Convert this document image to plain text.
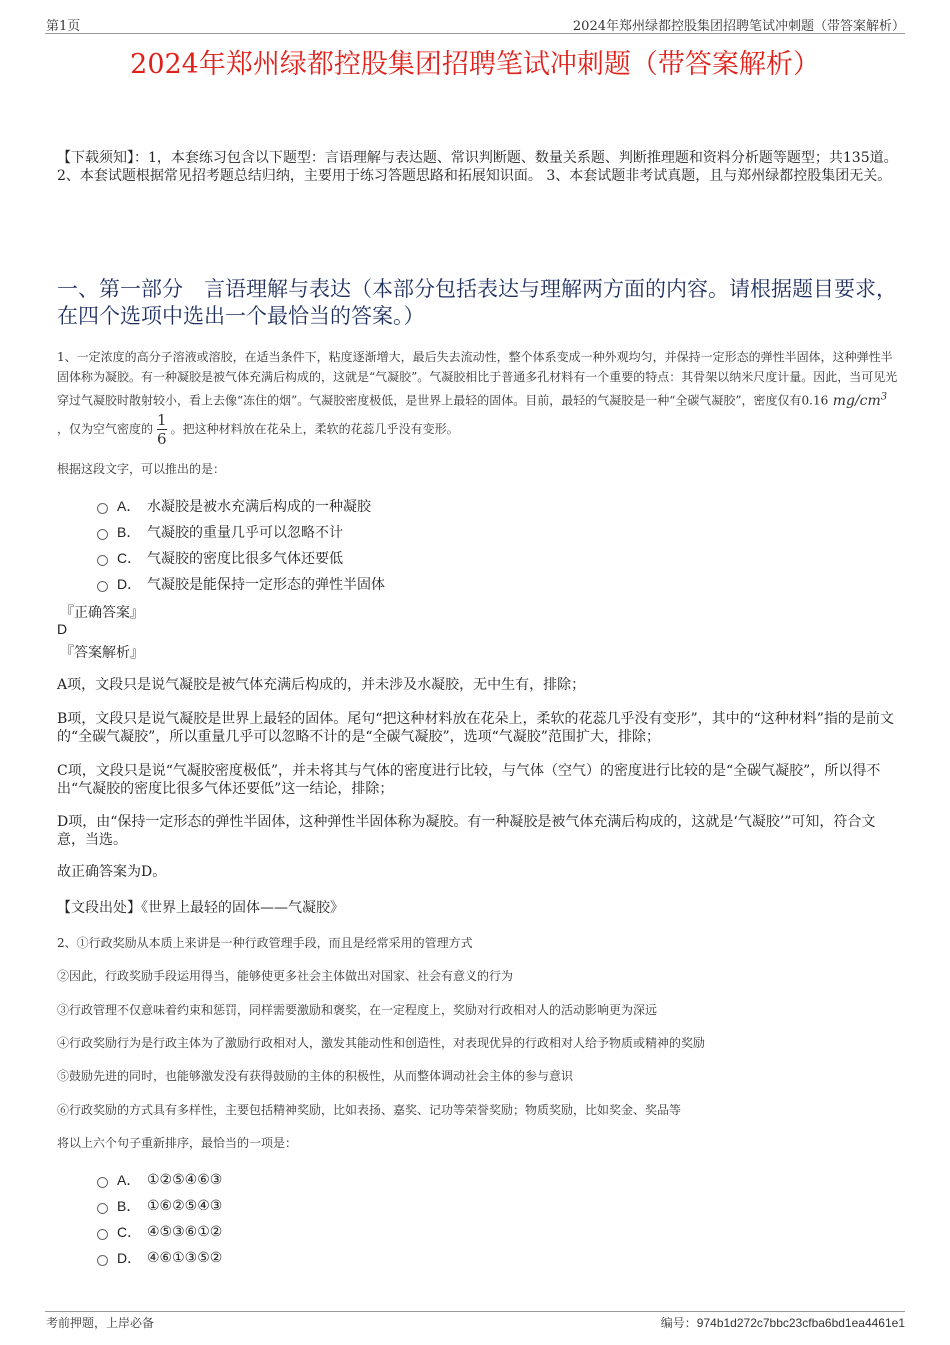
第1页	2024年郑州绿都控股集团招聘笔试冲刺题（带答案解析）
2024年郑州绿都控股集团招聘笔试冲刺题（带答案解析）
【下载须知】：1，本套练习包含以下题型：言语理解与表达题、常识判断题、数量关系题、判断推理题和资料分析题等题型；共135道。 2、本套试题根据常见招考题总结归纳，主要用于练习答题思路和拓展知识面。 3、本套试题非考试真题，且与郑州绿都控股集团无关。
一、第一部分　言语理解与表达（本部分包括表达与理解两方面的内容。请根据题目要求，在四个选项中选出一个最恰当的答案。）
1、一定浓度的高分子溶液或溶胶，在适当条件下，粘度逐渐增大，最后失去流动性，整个体系变成一种外观均匀，并保持一定形态的弹性半固体，这种弹性半固体称为凝胶。有一种凝胶是被气体充满后构成的，这就是“气凝胶”。气凝胶相比于普通多孔材料有一个重要的特点：其骨架以纳米尺度计量。因此，当可见光穿过气凝胶时散射较小，看上去像“冻住的烟”。气凝胶密度极低，是世界上最轻的固体。目前，最轻的气凝胶是一种“全碳气凝胶”，密度仅有0.16 $mg/cm^3$ ，仅为空气密度的 $\frac{1}{6}$ 。把这种材料放在花朵上，柔软的花蕊几乎没有变形。
根据这段文字，可以推出的是：
A． 水凝胶是被水充满后构成的一种凝胶
B． 气凝胶的重量几乎可以忽略不计
C． 气凝胶的密度比很多气体还要低
D． 气凝胶是能保持一定形态的弹性半固体
『正确答案』
D
『答案解析』
A项，文段只是说气凝胶是被气体充满后构成的，并未涉及水凝胶，无中生有，排除；
B项，文段只是说气凝胶是世界上最轻的固体。尾句“把这种材料放在花朵上，柔软的花蕊几乎没有变形”，其中的“这种材料”指的是前文的“全碳气凝胶”，所以重量几乎可以忽略不计的是“全碳气凝胶”，选项“气凝胶”范围扩大，排除；
C项，文段只是说“气凝胶密度极低”，并未将其与气体的密度进行比较，与气体（空气）的密度进行比较的是“全碳气凝胶”，所以得不出“气凝胶的密度比很多气体还要低”这一结论，排除；
D项，由“保持一定形态的弹性半固体，这种弹性半固体称为凝胶。有一种凝胶是被气体充满后构成的，这就是‘气凝胶’”可知，符合文意，当选。
故正确答案为D。
【文段出处】《世界上最轻的固体——气凝胶》
2、①行政奖励从本质上来讲是一种行政管理手段，而且是经常采用的管理方式
②因此，行政奖励手段运用得当，能够使更多社会主体做出对国家、社会有意义的行为
③行政管理不仅意味着约束和惩罚，同样需要激励和褒奖，在一定程度上，奖励对行政相对人的活动影响更为深远
④行政奖励行为是行政主体为了激励行政相对人，激发其能动性和创造性，对表现优异的行政相对人给予物质或精神的奖励
⑤鼓励先进的同时，也能够激发没有获得鼓励的主体的积极性，从而整体调动社会主体的参与意识
⑥行政奖励的方式具有多样性，主要包括精神奖励，比如表扬、嘉奖、记功等荣誉奖励；物质奖励，比如奖金、奖品等
将以上六个句子重新排序，最恰当的一项是：
A． ①②⑤④⑥③
B． ①⑥②⑤④③
C． ④⑤③⑥①②
D． ④⑥①③⑤②
考前押题，上岸必备	编号：974b1d272c7bbc23cfba6bd1ea4461e1
